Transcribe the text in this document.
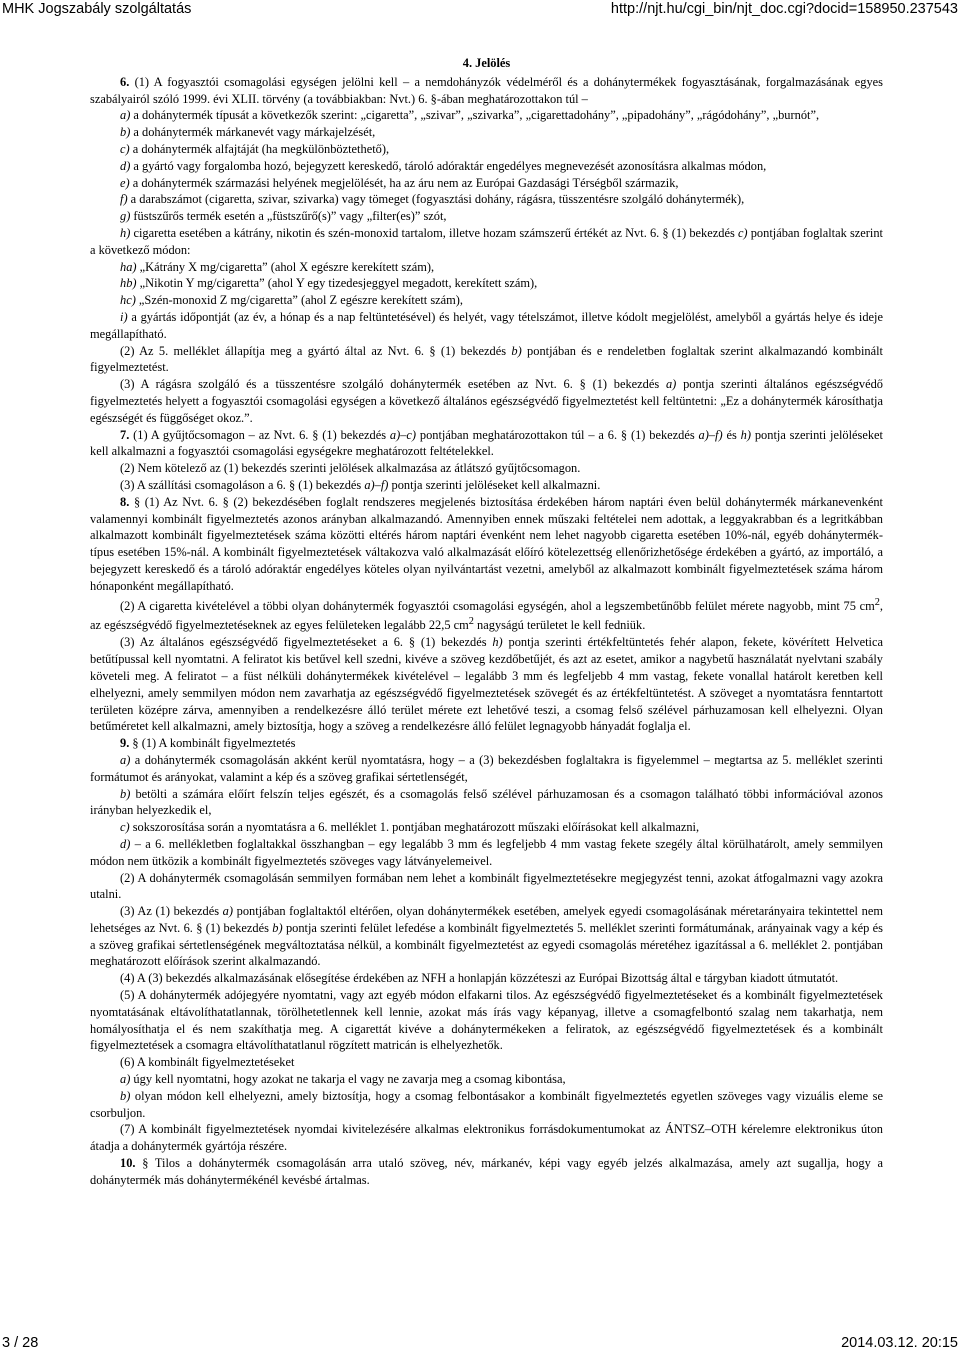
MHK Jogszabály szolgáltatás	http://njt.hu/cgi_bin/njt_doc.cgi?docid=158950.237543

4. Jelölés

6. (1) A fogyasztói csomagolási egységen jelölni kell – a nemdohányzók védelméről és a dohánytermékek fogyasztásának, forgalmazásának egyes szabályairól szóló 1999. évi XLII. törvény (a továbbiakban: Nvt.) 6. §-ában meghatározottakon túl –

a) a dohánytermék típusát a következők szerint: „cigaretta”, „szivar”, „szivarka”, „cigarettadohány”, „pipadohány”, „rágódohány”, „burnót”,

b) a dohánytermék márkanevét vagy márkajelzését,

c) a dohánytermék alfajtáját (ha megkülönböztethető),

d) a gyártó vagy forgalomba hozó, bejegyzett kereskedő, tároló adóraktár engedélyes megnevezését azonosításra alkalmas módon,

e) a dohánytermék származási helyének megjelölését, ha az áru nem az Európai Gazdasági Térségből származik,

f) a darabszámot (cigaretta, szivar, szivarka) vagy tömeget (fogyasztási dohány, rágásra, tüsszentésre szolgáló dohánytermék),

g) füstszűrős termék esetén a „füstszűrő(s)” vagy „filter(es)” szót,

h) cigaretta esetében a kátrány, nikotin és szén-monoxid tartalom, illetve hozam számszerű értékét az Nvt. 6. § (1) bekezdés c) pontjában foglaltak szerint a következő módon:

ha) „Kátrány X mg/cigaretta” (ahol X egészre kerekített szám),

hb) „Nikotin Y mg/cigaretta” (ahol Y egy tizedesjeggyel megadott, kerekített szám),

hc) „Szén-monoxid Z mg/cigaretta” (ahol Z egészre kerekített szám),

i) a gyártás időpontját (az év, a hónap és a nap feltüntetésével) és helyét, vagy tételszámot, illetve kódolt megjelölést, amelyből a gyártás helye és ideje megállapítható.

(2) Az 5. melléklet állapítja meg a gyártó által az Nvt. 6. § (1) bekezdés b) pontjában és e rendeletben foglaltak szerint alkalmazandó kombinált figyelmeztetést.

(3) A rágásra szolgáló és a tüsszentésre szolgáló dohánytermék esetében az Nvt. 6. § (1) bekezdés a) pontja szerinti általános egészségvédő figyelmeztetés helyett a fogyasztói csomagolási egységen a következő általános egészségvédő figyelmeztetést kell feltüntetni: „Ez a dohánytermék károsíthatja egészségét és függőséget okoz.”.

7. (1) A gyűjtőcsomagon – az Nvt. 6. § (1) bekezdés a)–c) pontjában meghatározottakon túl – a 6. § (1) bekezdés a)–f) és h) pontja szerinti jelöléseket kell alkalmazni a fogyasztói csomagolási egységekre meghatározott feltételekkel.

(2) Nem kötelező az (1) bekezdés szerinti jelölések alkalmazása az átlátszó gyűjtőcsomagon.

(3) A szállítási csomagoláson a 6. § (1) bekezdés a)–f) pontja szerinti jelöléseket kell alkalmazni.

8. § (1) Az Nvt. 6. § (2) bekezdésében foglalt rendszeres megjelenés biztosítása érdekében három naptári éven belül dohánytermék márkanevenként valamennyi kombinált figyelmeztetés azonos arányban alkalmazandó. Amennyiben ennek műszaki feltételei nem adottak, a leggyakrabban és a legritkábban alkalmazott kombinált figyelmeztetések száma közötti eltérés három naptári évenként nem lehet nagyobb cigaretta esetében 10%-nál, egyéb dohánytermék-típus esetében 15%-nál. A kombinált figyelmeztetések váltakozva való alkalmazását előíró kötelezettség ellenőrizhetősége érdekében a gyártó, az importáló, a bejegyzett kereskedő és a tároló adóraktár engedélyes köteles olyan nyilvántartást vezetni, amelyből az alkalmazott kombinált figyelmeztetések száma három hónaponként megállapítható.

(2) A cigaretta kivételével a többi olyan dohánytermék fogyasztói csomagolási egységén, ahol a legszembetűnőbb felület mérete nagyobb, mint 75 $cm^2$, az egészségvédő figyelmeztetéseknek az egyes felületeken legalább 22,5 $cm^2$ nagyságú területet le kell fedniük.

(3) Az általános egészségvédő figyelmeztetéseket a 6. § (1) bekezdés h) pontja szerinti értékfeltüntetés fehér alapon, fekete, kövérített Helvetica betűtípussal kell nyomtatni. A feliratot kis betűvel kell szedni, kivéve a szöveg kezdőbetűjét, és azt az esetet, amikor a nagybetű használatát nyelvtani szabály követeli meg. A feliratot – a füst nélküli dohánytermékek kivételével – legalább 3 mm és legfeljebb 4 mm vastag, fekete vonallal határolt keretben kell elhelyezni, amely semmilyen módon nem zavarhatja az egészségvédő figyelmeztetések szövegét és az értékfeltüntetést. A szöveget a nyomtatásra fenntartott területen középre zárva, amennyiben a rendelkezésre álló terület mérete ezt lehetővé teszi, a csomag felső szélével párhuzamosan kell elhelyezni. Olyan betűméretet kell alkalmazni, amely biztosítja, hogy a szöveg a rendelkezésre álló felület legnagyobb hányadát foglalja el.

9. § (1) A kombinált figyelmeztetés

a) a dohánytermék csomagolásán akként kerül nyomtatásra, hogy – a (3) bekezdésben foglaltakra is figyelemmel – megtartsa az 5. melléklet szerinti formátumot és arányokat, valamint a kép és a szöveg grafikai sértetlenségét,

b) betölti a számára előírt felszín teljes egészét, és a csomagolás felső szélével párhuzamosan és a csomagon található többi információval azonos irányban helyezkedik el,

c) sokszorosítása során a nyomtatásra a 6. melléklet 1. pontjában meghatározott műszaki előírásokat kell alkalmazni,

d) – a 6. mellékletben foglaltakkal összhangban – egy legalább 3 mm és legfeljebb 4 mm vastag fekete szegély által körülhatárolt, amely semmilyen módon nem ütközik a kombinált figyelmeztetés szöveges vagy látványelemeivel.

(2) A dohánytermék csomagolásán semmilyen formában nem lehet a kombinált figyelmeztetésekre megjegyzést tenni, azokat átfogalmazni vagy azokra utalni.

(3) Az (1) bekezdés a) pontjában foglaltaktól eltérően, olyan dohánytermékek esetében, amelyek egyedi csomagolásának méretarányaira tekintettel nem lehetséges az Nvt. 6. § (1) bekezdés b) pontja szerinti felület lefedése a kombinált figyelmeztetés 5. melléklet szerinti formátumának, arányainak vagy a kép és a szöveg grafikai sértetlenségének megváltoztatása nélkül, a kombinált figyelmeztetést az egyedi csomagolás méretéhez igazítással a 6. melléklet 2. pontjában meghatározott előírások szerint alkalmazandó.

(4) A (3) bekezdés alkalmazásának elősegítése érdekében az NFH a honlapján közzéteszi az Európai Bizottság által e tárgyban kiadott útmutatót.

(5) A dohánytermék adójegyére nyomtatni, vagy azt egyéb módon elfakarni tilos. Az egészségvédő figyelmeztetéseket és a kombinált figyelmeztetések nyomtatásának eltávolíthatatlannak, törölhetetlennek kell lennie, azokat más írás vagy képanyag, illetve a csomagfelbontó szalag nem takarhatja, nem homályosíthatja el és nem szakíthatja meg. A cigarettát kivéve a dohánytermékeken a feliratok, az egészségvédő figyelmeztetések és a kombinált figyelmeztetések a csomagra eltávolíthatatlanul rögzített matricán is elhelyezhetők.

(6) A kombinált figyelmeztetéseket

a) úgy kell nyomtatni, hogy azokat ne takarja el vagy ne zavarja meg a csomag kibontása,

b) olyan módon kell elhelyezni, amely biztosítja, hogy a csomag felbontásakor a kombinált figyelmeztetés egyetlen szöveges vagy vizuális eleme se csorbuljon.

(7) A kombinált figyelmeztetések nyomdai kivitelezésére alkalmas elektronikus forrásdokumentumokat az ÁNTSZ–OTH kérelemre elektronikus úton átadja a dohánytermék gyártója részére.

10. § Tilos a dohánytermék csomagolásán arra utaló szöveg, név, márkanév, képi vagy egyéb jelzés alkalmazása, amely azt sugallja, hogy a dohánytermék más dohánytermékénél kevésbé ártalmas.

3 / 28	2014.03.12. 20:15
